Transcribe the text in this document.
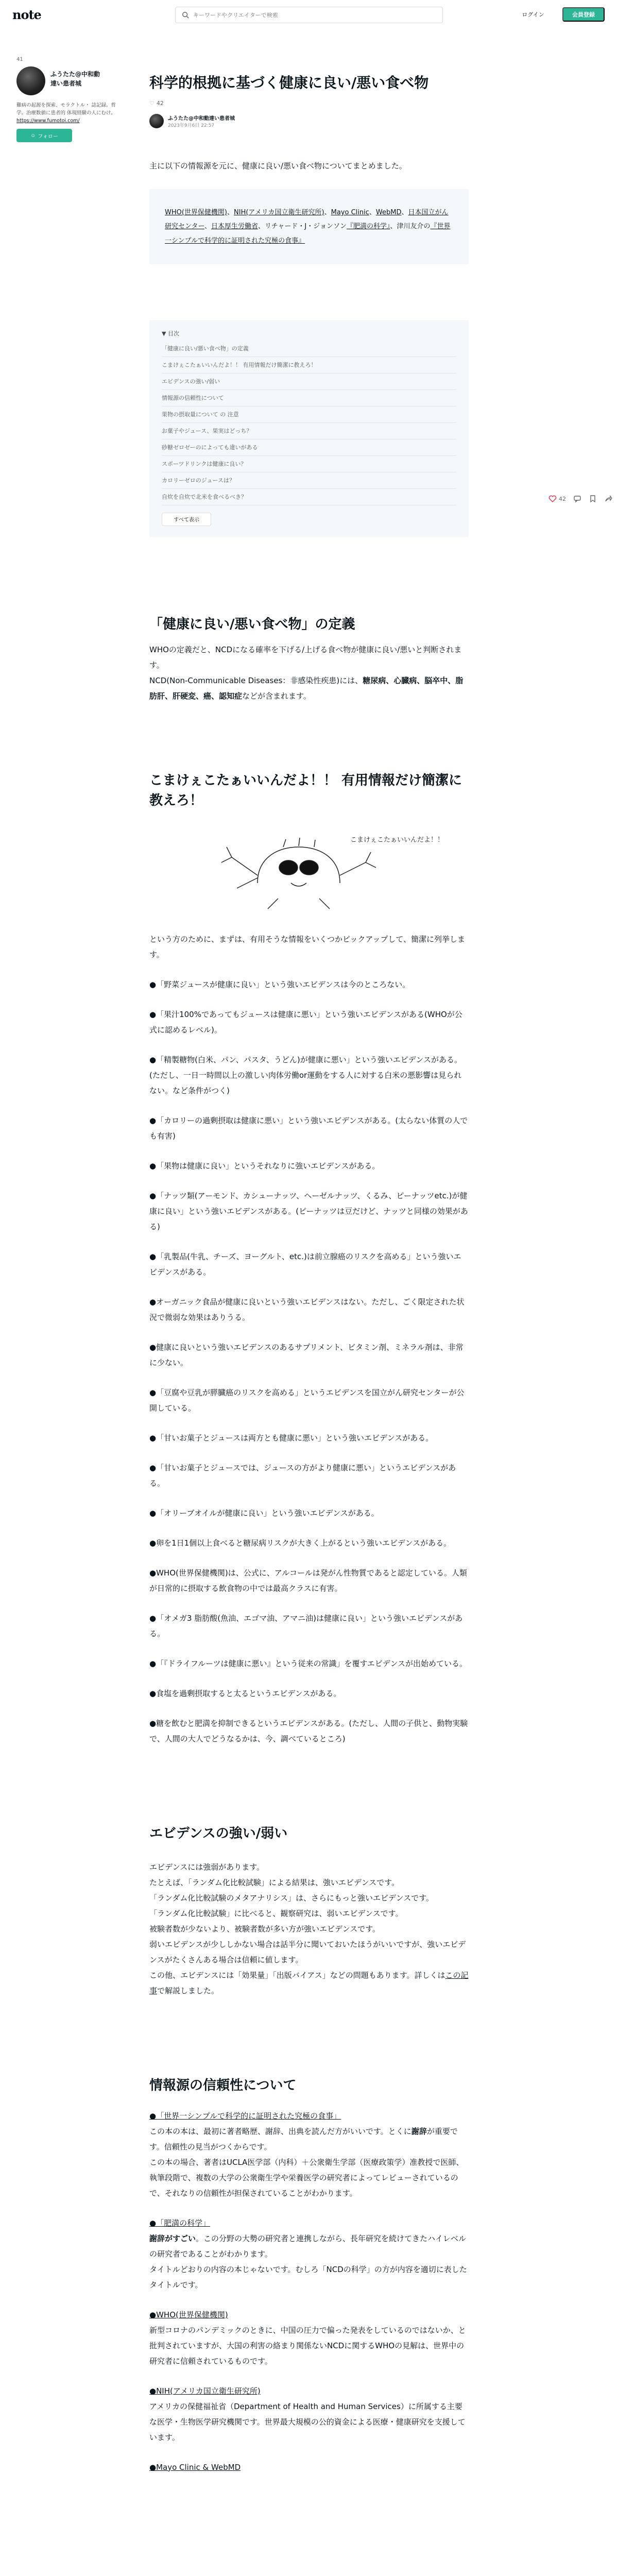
note
キーワードやクリエイターで検索	ログイン	会員登録
41
ふうたた@中和動
達い患者城
難病の起源を探索、モラクトル・ 誌記録。哲学。治療数値に患者的 体現経験の人にむけ。
https://www.fumotoi.com/
☺ フォロー
42
科学的根拠に基づく健康に良い/悪い食べ物
♡ 42
ふうたた@中和動達い患者城
2023年9月6日 22:57

主に以下の情報源を元に、健康に良い/悪い食べ物についてまとめました。

WHO(世界保健機関)、NIH(アメリカ国立衛生研究所)、Mayo Clinic、WebMD、日本国立がん研究センター、日本厚生労働省、リチャード・J・ジョンソン『肥満の科学』、津川友介の『世界一シンプルで科学的に証明された究極の食事』
▼ 目次
「健康に良い/悪い食べ物」の定義
こまけぇこたぁいいんだよ！！ 有用情報だけ簡潔に教えろ！
エビデンスの強い/弱い
情報源の信頼性について
果物の摂取量について の 注意
お菓子やジュース、果実はどっち？
砂糖ゼロゼーのによっても違いがある
スポーツドリンクは健康に良い？
カロリーゼロのジュースは？
自炊を自炊で北米を食べるべき？
すべて表示
「健康に良い/悪い食べ物」の定義

WHOの定義だと、NCDになる確率を下げる/上げる食べ物が健康に良い/悪いと判断されます。

NCD(Non-Communicable Diseases：非感染性疾患)には、糖尿病、心臓病、脳卒中、脂肪肝、肝硬変、癌、認知症などが含まれます。

こまけぇこたぁいいんだよ！！ 有用情報だけ簡潔に教えろ！
こまけぇこたぁいいんだよ！！

という方のために、まずは、有用そうな情報をいくつかピックアップして、簡潔に列挙します。

●「野菜ジュースが健康に良い」という強いエビデンスは今のところない。

●「果汁100%であってもジュースは健康に悪い」という強いエビデンスがある(WHOが公式に認めるレベル)。

●「精製糖物(白米、パン、パスタ、うどん)が健康に悪い」という強いエビデンスがある。(ただし、一日一時間以上の激しい肉体労働or運動をする人に対する白米の悪影響は見られない。など条件がつく)

●「カロリーの過剰摂取は健康に悪い」という強いエビデンスがある。(太らない体質の人でも有害)

●「果物は健康に良い」というそれなりに強いエビデンスがある。

●「ナッツ類(アーモンド、カシューナッツ、ヘーゼルナッツ、くるみ、ピーナッツetc.)が健康に良い」という強いエビデンスがある。(ピーナッツは豆だけど、ナッツと同様の効果がある)

●「乳製品(牛乳、チーズ、ヨーグルト、etc.)は前立腺癌のリスクを高める」という強いエビデンスがある。

●オーガニック食品が健康に良いという強いエビデンスはない。ただし、ごく限定された状況で微弱な効果はありうる。

●健康に良いという強いエビデンスのあるサプリメント、ビタミン剤、ミネラル剤は、非常に少ない。

●「豆腐や豆乳が膵臓癌のリスクを高める」というエビデンスを国立がん研究センターが公開している。

●「甘いお菓子とジュースは両方とも健康に悪い」という強いエビデンスがある。

●「甘いお菓子とジュースでは、ジュースの方がより健康に悪い」というエビデンスがある。

●「オリーブオイルが健康に良い」という強いエビデンスがある。

●卵を1日1個以上食べると糖尿病リスクが大きく上がるという強いエビデンスがある。

●WHO(世界保健機関)は、公式に、アルコールは発がん性物質であると認定している。人類が日常的に摂取する飲食物の中では最高クラスに有害。

●「オメガ3 脂肪酸(魚油、エゴマ油、アマニ油)は健康に良い」という強いエビデンスがある。

●「『ドライフルーツは健康に悪い』という従来の常識」を覆すエビデンスが出始めている。

●食塩を過剰摂取すると太るというエビデンスがある。

●糖を飲むと肥満を抑制できるというエビデンスがある。(ただし、人間の子供と、動物実験で、人間の大人でどうなるかは、今、調べているところ)

エビデンスの強い/弱い

エビデンスには強弱があります。

たとえば、「ランダム化比較試験」による結果は、強いエビデンスです。

「ランダム化比較試験のメタアナリシス」は、さらにもっと強いエビデンスです。

「ランダム化比較試験」に比べると、観察研究は、弱いエビデンスです。

被験者数が少ないより、被験者数が多い方が強いエビデンスです。

弱いエビデンスが少ししかない場合は話半分に聞いておいたほうがいいですが、強いエビデンスがたくさんある場合は信頼に値します。

この他、エビデンスには「効果量」「出版バイアス」などの問題もあります。詳しくはこの記事で解説しました。

情報源の信頼性について

●「世界一シンプルで科学的に証明された究極の食事」

この本の本は、最初に著者略歴、謝辞、出典を読んだ方がいいです。とくに謝辞が重要です。信頼性の見当がつくからです。
この本の場合、著者はUCLA医学部（内科）＋公衆衛生学部（医療政策学）准教授で医師、執筆段階で、複数の大学の公衆衛生学や栄養医学の研究者によってレビューされているので、それなりの信頼性が担保されていることがわかります。

●「肥満の科学」

謝辞がすごい。この分野の大勢の研究者と連携しながら、長年研究を続けてきたハイレベルの研究者であることがわかります。
タイトルどおりの内容の本じゃないです。むしろ「NCDの科学」の方が内容を適切に表したタイトルです。

●WHO(世界保健機関)

新型コロナのパンデミックのときに、中国の圧力で偏った発表をしているのではないか、と批判されていますが、大国の利害の絡まり関係ないNCDに関するWHOの見解は、世界中の研究者に信頼されているものです。

●NIH(アメリカ国立衛生研究所)

アメリカの保健福祉省（Department of Health and Human Services）に所属する主要な医学・生物医学研究機関です。世界最大規模の公的資金による医療・健康研究を支援しています。

●Mayo Clinic & WebMD
